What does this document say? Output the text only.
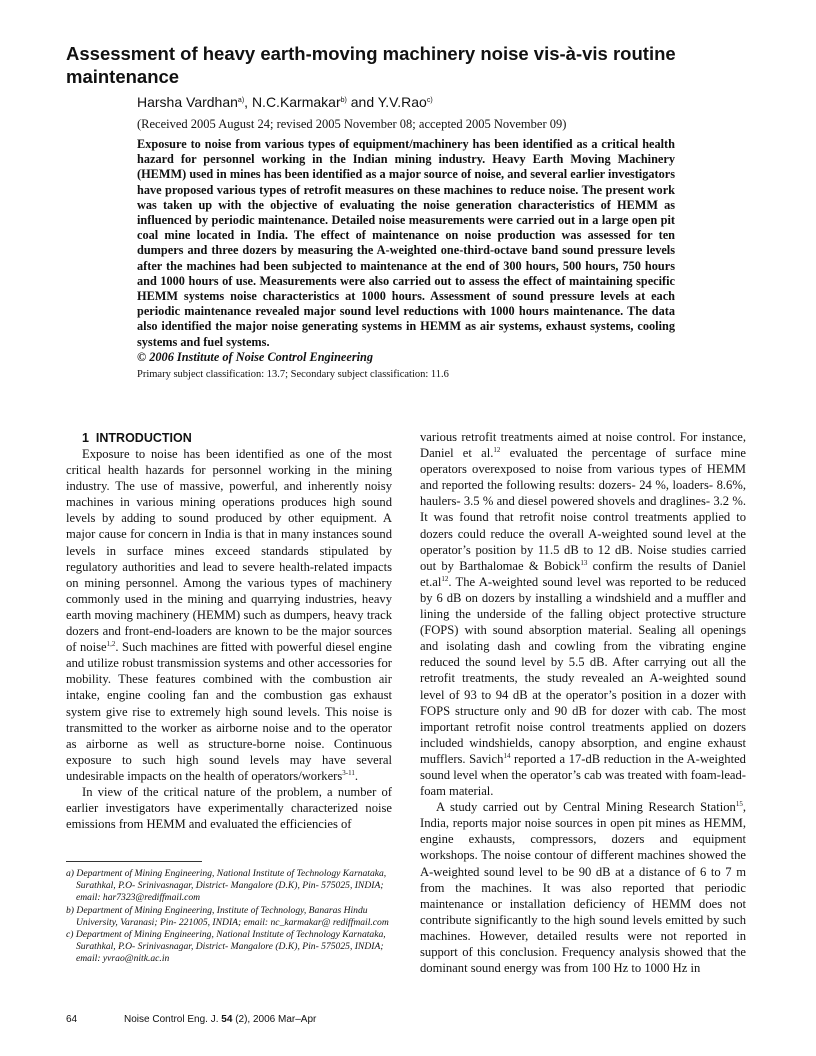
Assessment of heavy earth-moving machinery noise vis-à-vis routine maintenance

Harsha Vardhan$^{a)}$, N.C.Karmakar$^{b)}$ and Y.V.Rao$^{c)}$

(Received 2005 August 24; revised 2005 November 08; accepted 2005 November 09)

Exposure to noise from various types of equipment/machinery has been identified as a critical health hazard for personnel working in the Indian mining industry. Heavy Earth Moving Machinery (HEMM) used in mines has been identified as a major source of noise, and several earlier investigators have proposed various types of retrofit measures on these machines to reduce noise. The present work was taken up with the objective of evaluating the noise generation characteristics of HEMM as influenced by periodic maintenance. Detailed noise measurements were carried out in a large open pit coal mine located in India. The effect of maintenance on noise production was assessed for ten dumpers and three dozers by measuring the A-weighted one-third-octave band sound pressure levels after the machines had been subjected to maintenance at the end of 300 hours, 500 hours, 750 hours and 1000 hours of use. Measurements were also carried out to assess the effect of maintaining specific HEMM systems noise characteristics at 1000 hours. Assessment of sound pressure levels at each periodic maintenance revealed major sound level reductions with 1000 hours maintenance. The data also identified the major noise generating systems in HEMM as air systems, exhaust systems, cooling systems and fuel systems.
© 2006 Institute of Noise Control Engineering

Primary subject classification: 13.7; Secondary subject classification: 11.6

1 INTRODUCTION

Exposure to noise has been identified as one of the most critical health hazards for personnel working in the mining industry. The use of massive, powerful, and inherently noisy machines in various mining operations produces high sound levels by adding to sound produced by other equipment. A major cause for concern in India is that in many instances sound levels in surface mines exceed standards stipulated by regulatory authorities and lead to severe health-related impacts on mining personnel. Among the various types of machinery commonly used in the mining and quarrying industries, heavy earth moving machinery (HEMM) such as dumpers, heavy track dozers and front-end-loaders are known to be the major sources of noise$^{1,2}$. Such machines are fitted with powerful diesel engine and utilize robust transmission systems and other accessories for mobility. These features combined with the combustion air intake, engine cooling fan and the combustion gas exhaust system give rise to extremely high sound levels. This noise is transmitted to the worker as airborne noise and to the operator as airborne as well as structure-borne noise. Continuous exposure to such high sound levels may have several undesirable impacts on the health of operators/workers$^{3-11}$.

In view of the critical nature of the problem, a number of earlier investigators have experimentally characterized noise emissions from HEMM and evaluated the efficiencies of

various retrofit treatments aimed at noise control. For instance, Daniel et al.$^{12}$ evaluated the percentage of surface mine operators overexposed to noise from various types of HEMM and reported the following results: dozers- 24 %, loaders- 8.6%, haulers- 3.5 % and diesel powered shovels and draglines- 3.2 %. It was found that retrofit noise control treatments applied to dozers could reduce the overall A-weighted sound level at the operator’s position by 11.5 dB to 12 dB. Noise studies carried out by Barthalomae & Bobick$^{13}$ confirm the results of Daniel $et.al^{12}$. The A-weighted sound level was reported to be reduced by 6 dB on dozers by installing a windshield and a muffler and lining the underside of the falling object protective structure (FOPS) with sound absorption material. Sealing all openings and isolating dash and cowling from the vibrating engine reduced the sound level by 5.5 dB. After carrying out all the retrofit treatments, the study revealed an A-weighted sound level of 93 to 94 dB at the operator’s position in a dozer with FOPS structure only and 90 dB for dozer with cab. The most important retrofit noise control treatments applied on dozers included windshields, canopy absorption, and engine exhaust mufflers. Savich$^{14}$ reported a 17-dB reduction in the A-weighted sound level when the operator’s cab was treated with foam-lead-foam material.

A study carried out by Central Mining Research Station$^{15}$, India, reports major noise sources in open pit mines as HEMM, engine exhausts, compressors, dozers and equipment workshops. The noise contour of different machines showed the A-weighted sound level to be 90 dB at a distance of 6 to 7 m from the machines. It was also reported that periodic maintenance or installation deficiency of HEMM does not contribute significantly to the high sound levels emitted by such machines. However, detailed results were not reported in support of this conclusion. Frequency analysis showed that the dominant sound energy was from 100 Hz to 1000 Hz in

a) Department of Mining Engineering, National Institute of Technology Karnataka, Surathkal, P.O- Srinivasnagar, District- Mangalore (D.K), Pin- 575025, INDIA; email: har7323@rediffmail.com

b) Department of Mining Engineering, Institute of Technology, Banaras Hindu University, Varanasi; Pin- 221005, INDIA; email: nc_karmakar@ rediffmail.com

c) Department of Mining Engineering, National Institute of Technology Karnataka, Surathkal, P.O- Srinivasnagar, District- Mangalore (D.K), Pin- 575025, INDIA; email: yvrao@nitk.ac.in

64	Noise Control Eng. J. 54 (2), 2006 Mar–Apr
